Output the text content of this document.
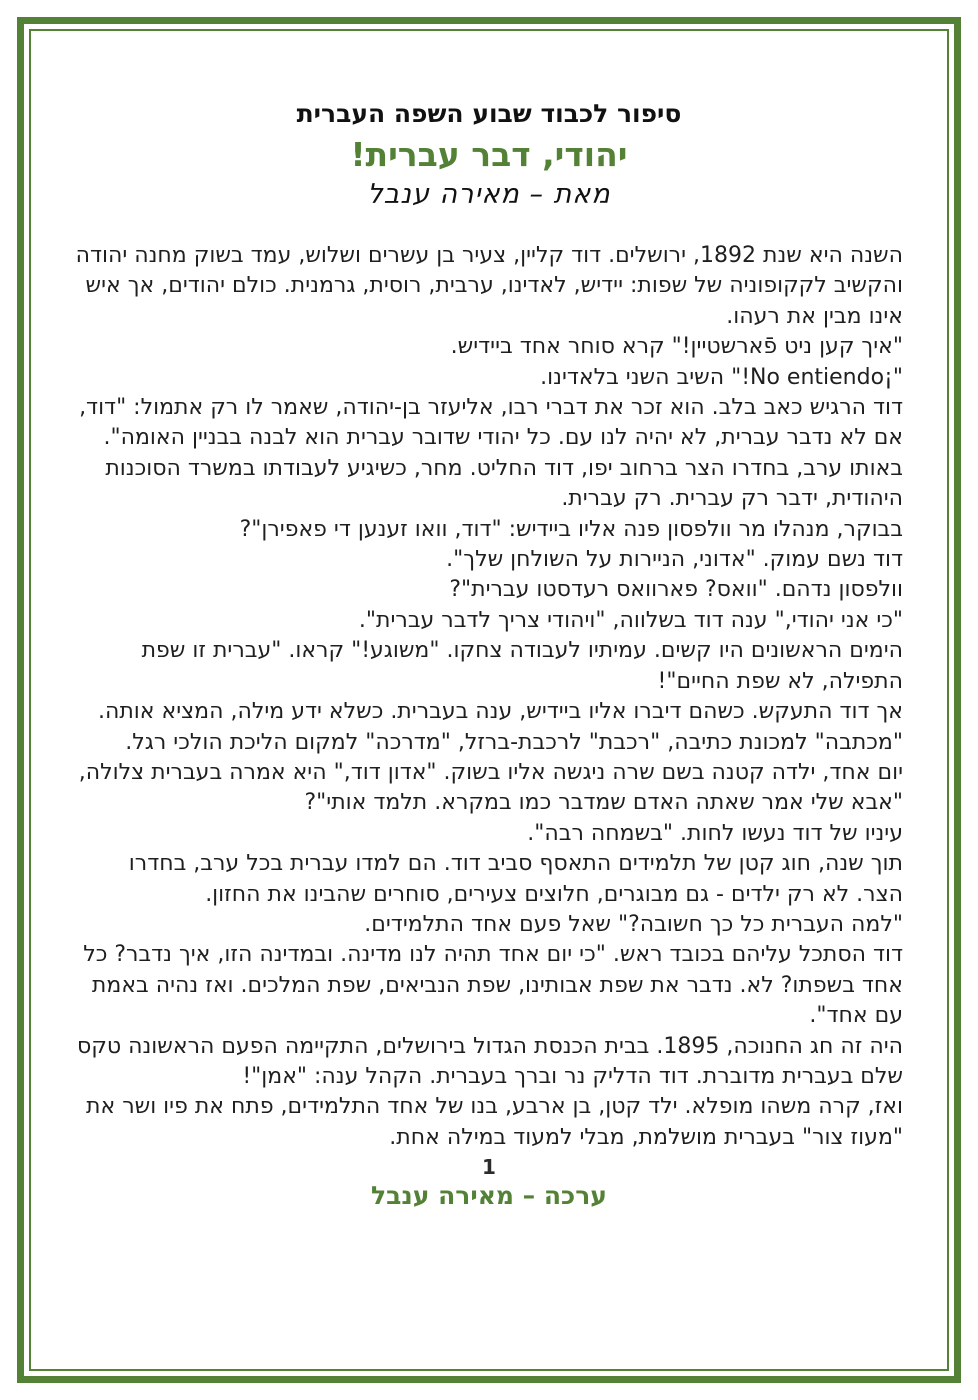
סיפור לכבוד שבוע השפה העברית
יהודי, דבר עברית!
מאת – מאירה ענבל

השנה היא שנת 1892, ירושלים. דוד קליין, צעיר בן עשרים ושלוש, עמד בשוק מחנה יהודה והקשיב לקקופוניה של שפות: יידיש, לאדינו, ערבית, רוסית, גרמנית. כולם יהודים, אך איש אינו מבין את רעהו.

"איך קען ניט פֿארשטיין!" קרא סוחר אחד ביידיש.

"¡No entiendo!" השיב השני בלאדינו.

דוד הרגיש כאב בלב. הוא זכר את דברי רבו, אליעזר בן-יהודה, שאמר לו רק אתמול: "דוד, אם לא נדבר עברית, לא יהיה לנו עם. כל יהודי שדובר עברית הוא לבנה בבניין האומה".

באותו ערב, בחדרו הצר ברחוב יפו, דוד החליט. מחר, כשיגיע לעבודתו במשרד הסוכנות היהודית, ידבר רק עברית. רק עברית.

בבוקר, מנהלו מר וולפסון פנה אליו ביידיש: "דוד, וואו זענען די פאפירן"?

דוד נשם עמוק. "אדוני, הניירות על השולחן שלך".

וולפסון נדהם. "וואס? פארוואס רעדסטו עברית"?

"כי אני יהודי," ענה דוד בשלווה, "ויהודי צריך לדבר עברית".

הימים הראשונים היו קשים. עמיתיו לעבודה צחקו. "משוגע!" קראו. "עברית זו שפת התפילה, לא שפת החיים"!

אך דוד התעקש. כשהם דיברו אליו ביידיש, ענה בעברית. כשלא ידע מילה, המציא אותה. "מכתבה" למכונת כתיבה, "רכבת" לרכבת-ברזל, "מדרכה" למקום הליכת הולכי רגל.

יום אחד, ילדה קטנה בשם שרה ניגשה אליו בשוק. "אדון דוד," היא אמרה בעברית צלולה, "אבא שלי אמר שאתה האדם שמדבר כמו במקרא. תלמד אותי"?

עיניו של דוד נעשו לחות. "בשמחה רבה".

תוך שנה, חוג קטן של תלמידים התאסף סביב דוד. הם למדו עברית בכל ערב, בחדרו הצר. לא רק ילדים - גם מבוגרים, חלוצים צעירים, סוחרים שהבינו את החזון.

"למה העברית כל כך חשובה?" שאל פעם אחד התלמידים.

דוד הסתכל עליהם בכובד ראש. "כי יום אחד תהיה לנו מדינה. ובמדינה הזו, איך נדבר? כל אחד בשפתו? לא. נדבר את שפת אבותינו, שפת הנביאים, שפת המלכים. ואז נהיה באמת עם אחד".

היה זה חג החנוכה, 1895. בבית הכנסת הגדול בירושלים, התקיימה הפעם הראשונה טקס שלם בעברית מדוברת. דוד הדליק נר וברך בעברית. הקהל ענה: "אמן"!

ואז, קרה משהו מופלא. ילד קטן, בן ארבע, בנו של אחד התלמידים, פתח את פיו ושר את "מעוז צור" בעברית מושלמת, מבלי למעוד במילה אחת.

1
ערכה – מאירה ענבל
